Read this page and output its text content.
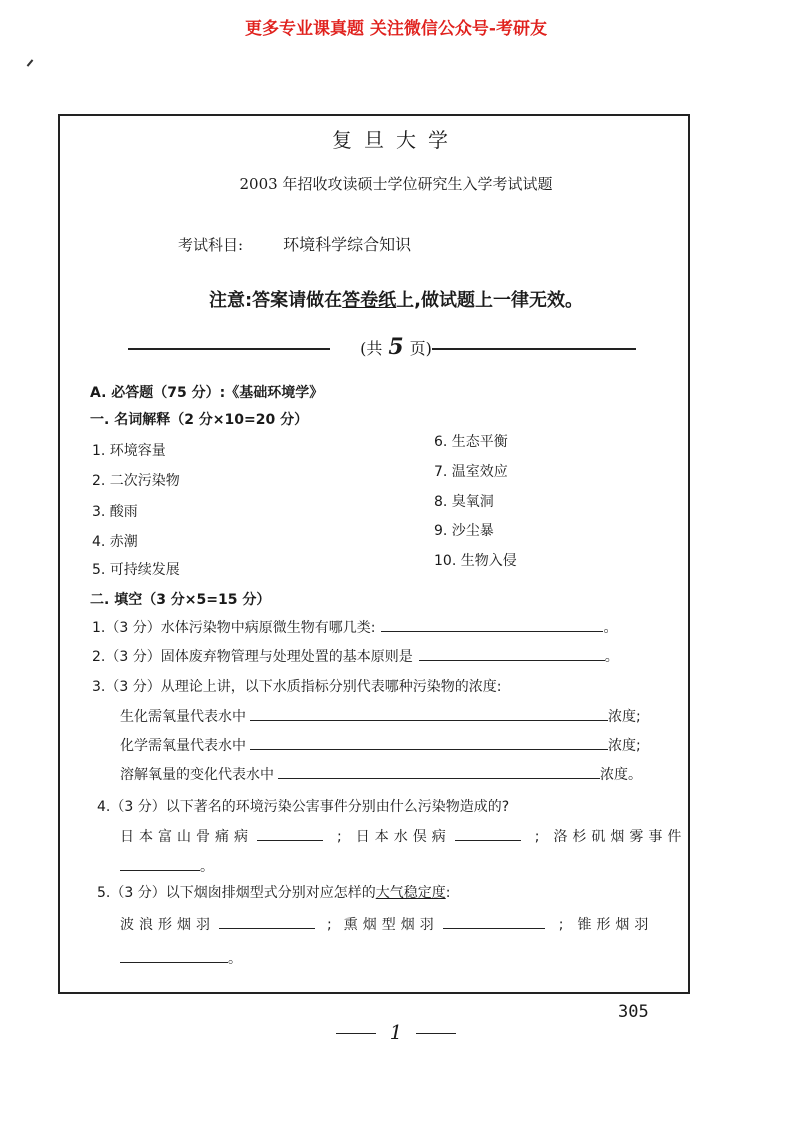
更多专业课真题 关注微信公众号-考研友
复旦大学
2003 年招收攻读硕士学位研究生入学考试试题
考试科目:	环境科学综合知识
注意:答案请做在答卷纸上,做试题上一律无效。
(共 5 页)
A. 必答题（75 分）:《基础环境学》
一. 名词解释（2 分×10=20 分）
1. 环境容量
2. 二次污染物
3. 酸雨
4. 赤潮
5. 可持续发展
6. 生态平衡
7. 温室效应
8. 臭氧洞
9. 沙尘暴
10. 生物入侵
二. 填空（3 分×5=15 分）
1.（3 分）水体污染物中病原微生物有哪几类:	。
2.（3 分）固体废弃物管理与处理处置的基本原则是	。
3.（3 分）从理论上讲，以下水质指标分别代表哪种污染物的浓度:
生化需氧量代表水中	浓度;
化学需氧量代表水中	浓度;
溶解氧量的变化代表水中	浓度。
4.（3 分）以下著名的环境污染公害事件分别由什么污染物造成的?
日本富山骨痛病	; 日本水俣病	; 洛杉矶烟雾事件
。
5.（3 分）以下烟囱排烟型式分别对应怎样的大气稳定度:
波浪形烟羽	; 熏烟型烟羽	; 锥形烟羽
。
1
305
